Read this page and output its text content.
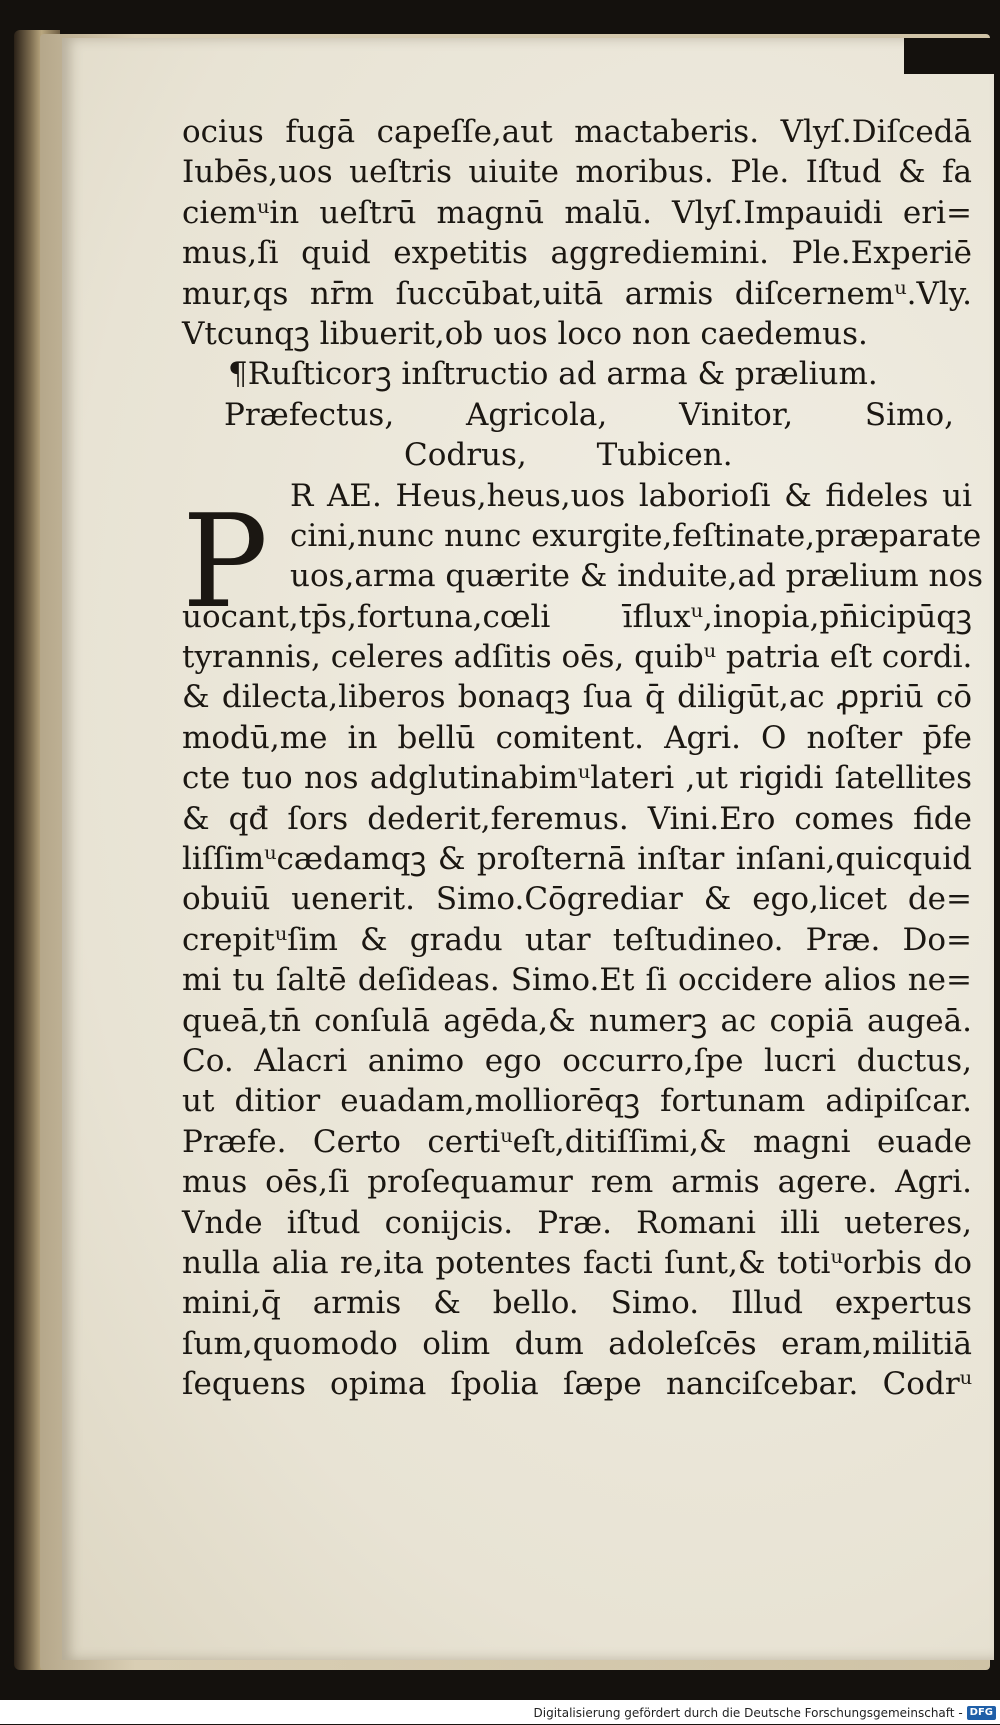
ocius fugā capeſſe,aut mactaberis. Vlyſ.Diſcedā
Iubēs,uos ueſtris uiuite moribus. Ple. Iſtud & fa
ciemᵘin ueſtrū magnū malū. Vlyſ.Impauidi eri=
mus,ſi quid expetitis aggrediemini. Ple.Experiē
mur,qs nr̄m ſuccūbat,uitā armis diſcernemᵘ.Vly.
Vtcunqꝫ libuerit,ob uos loco non caedemus.
¶Ruſticorꝫ inſtructio ad arma & prælium.
Præfectus, Agricola, Vinitor, Simo,
Codrus, Tubicen.
R AE. Heus,heus,uos laborioſi & fideles ui
cini,nunc nunc exurgite,feſtinate,præparate
uos,arma quærite & induite,ad prælium nos
uocant,tp̄s,fortuna,cœli īfluxᵘ,inopia,pn̄icipūqꝫ
tyrannis, celeres adſitis oēs, quibᵘ patria eſt cordi.
& dilecta,liberos bonaqꝫ ſua q̄ diligūt,ac ꝓpriū cō
modū,me in bellū comitent. Agri. O noſter p̄fe
cte tuo nos adglutinabimᵘlateri ,ut rigidi ſatellites
& qđ ſors dederit,feremus. Vini.Ero comes fide
liſſimᵘcædamqꝫ & proſternā inſtar inſani,quicquid
obuiū uenerit. Simo.Cōgrediar & ego,licet de=
crepitᵘſim & gradu utar teſtudineo. Præ. Do=
mi tu ſaltē deſideas. Simo.Et ſi occidere alios ne=
queā,tn̄ conſulā agēda,& numerꝫ ac copiā augeā.
Co. Alacri animo ego occurro,ſpe lucri ductus,
ut ditior euadam,molliorēqꝫ fortunam adipiſcar.
Præfe. Certo certiᵘeſt,ditiſſimi,& magni euade
mus oēs,ſi proſequamur rem armis agere. Agri.
Vnde iſtud conijcis. Præ. Romani illi ueteres,
nulla alia re,ita potentes facti ſunt,& totiᵘorbis do
mini,q̄ armis & bello. Simo. Illud expertus
ſum,quomodo olim dum adoleſcēs eram,militiā
ſequens opima ſpolia ſæpe nanciſcebar. Codrᵘ
P
Digitalisierung gefördert durch die Deutsche Forschungsgemeinschaft - DFG
